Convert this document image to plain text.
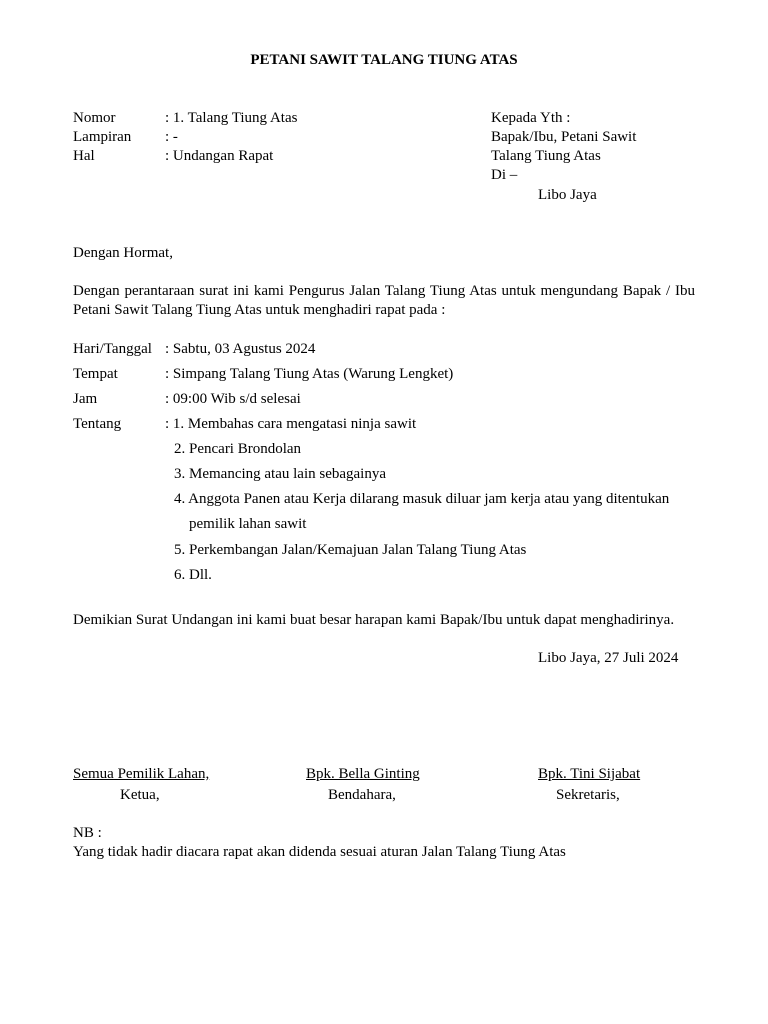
PETANI SAWIT TALANG TIUNG ATAS
Nomor	: 1. Talang Tiung Atas
Lampiran : -
Hal	: Undangan Rapat
Kepada Yth :
Bapak/Ibu, Petani Sawit
Talang Tiung Atas
Di –
Libo Jaya
Dengan Hormat,
Dengan perantaraan surat ini kami Pengurus Jalan Talang Tiung Atas untuk mengundang Bapak / Ibu Petani Sawit Talang Tiung Atas untuk menghadiri rapat pada :
Hari/Tanggal : Sabtu, 03 Agustus 2024
Tempat	: Simpang Talang Tiung Atas (Warung Lengket)
Jam	: 09:00 Wib s/d selesai
Tentang	: 1. Membahas cara mengatasi ninja sawit
2. Pencari Brondolan
3. Memancing atau lain sebagainya
4. Anggota Panen atau Kerja dilarang masuk diluar jam kerja atau yang ditentukan
pemilik lahan sawit
5. Perkembangan Jalan/Kemajuan Jalan Talang Tiung Atas
6. Dll.
Demikian Surat Undangan ini kami buat besar harapan kami Bapak/Ibu untuk dapat menghadirinya.
Libo Jaya, 27 Juli 2024
Semua Pemilik Lahan,
Ketua,
Bpk. Bella Ginting
Bendahara,
Bpk. Tini Sijabat
Sekretaris,
NB :
Yang tidak hadir diacara rapat akan didenda sesuai aturan Jalan Talang Tiung Atas
